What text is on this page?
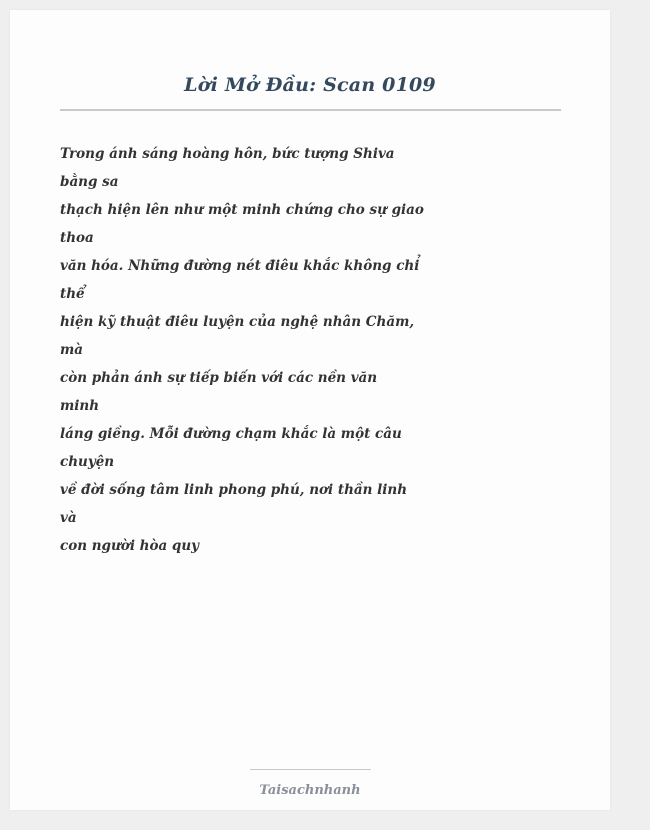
Lời Mở Đầu: Scan 0109
Trong ánh sáng hoàng hôn, bức tượng Shiva
bằng sa
thạch hiện lên như một minh chứng cho sự giao
thoa
văn hóa. Những đường nét điêu khắc không chỉ
thể
hiện kỹ thuật điêu luyện của nghệ nhân Chăm,
mà
còn phản ánh sự tiếp biến với các nền văn
minh
láng giềng. Mỗi đường chạm khắc là một câu
chuyện
về đời sống tâm linh phong phú, nơi thần linh
và
con người hòa quy
Taisachnhanh
